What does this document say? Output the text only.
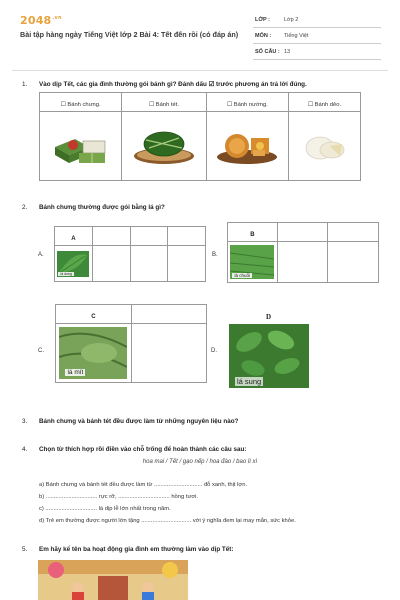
$2048^{.vn}$
Bài tập hàng ngày Tiếng Việt lớp 2 Bài 4: Tết đến rồi (có đáp án)
LỚP :	Lớp 2
MÔN : Tiếng Việt
SỐ CÂU : 13
1. Vào dịp Tết, các gia đình thường gói bánh gì? Đánh dấu ☑ trước phương án trả lời đúng.
☐ Bánh chưng.	☐ Bánh tét.	☐ Bánh nướng.	☐ Bánh dẻo.

2. Bánh chưng thường được gói bằng lá gì?
A.
A			

lá dong			

B.
B		

lá chuối		

C.
C	

lá mít	

D.
D
lá sung
3. Bánh chưng và bánh tét đều được làm từ những nguyên liệu nào?
4. Chọn từ thích hợp rồi điền vào chỗ trống để hoàn thành các câu sau:
hoa mai / Tết / gạo nếp / hoa đào / bao lì xì
a) Bánh chưng và bánh tét đều được làm từ .............................. đỗ xanh, thịt lợn.
b) ................................ rực rỡ, ................................ hồng tươi.
c) ................................ là dịp lễ lớn nhất trong năm.
d) Trẻ em thường được người lớn tặng ............................... với ý nghĩa đem lại may mắn, sức khỏe.
5. Em hãy kể tên ba hoạt động gia đình em thường làm vào dịp Tết:
